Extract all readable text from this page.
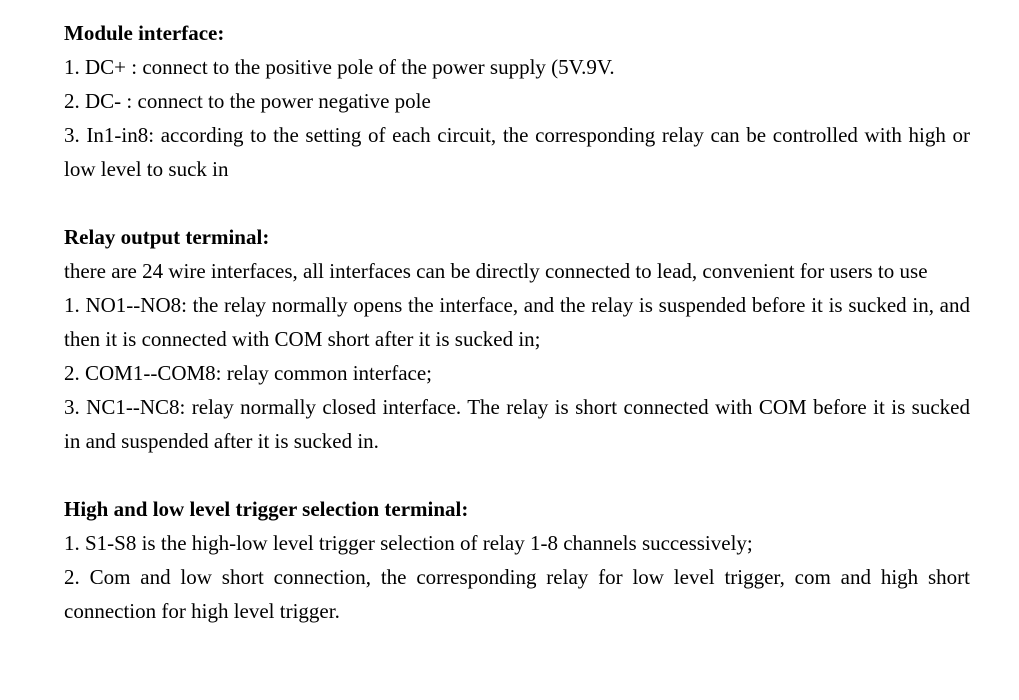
Module interface:

1. DC+ : connect to the positive pole of the power supply (5V.9V.

2. DC- : connect to the power negative pole

3. In1-in8: according to the setting of each circuit, the corresponding relay can be controlled with high or low level to suck in

Relay output terminal:

there are 24 wire interfaces, all interfaces can be directly connected to lead, convenient for users to use

1. NO1--NO8: the relay normally opens the interface, and the relay is suspended before it is sucked in, and then it is connected with COM short after it is sucked in;

2. COM1--COM8: relay common interface;

3. NC1--NC8: relay normally closed interface. The relay is short connected with COM before it is sucked in and suspended after it is sucked in.

High and low level trigger selection terminal:

1. S1-S8 is the high-low level trigger selection of relay 1-8 channels successively;

2. Com and low short connection, the corresponding relay for low level trigger, com and high short connection for high level trigger.
